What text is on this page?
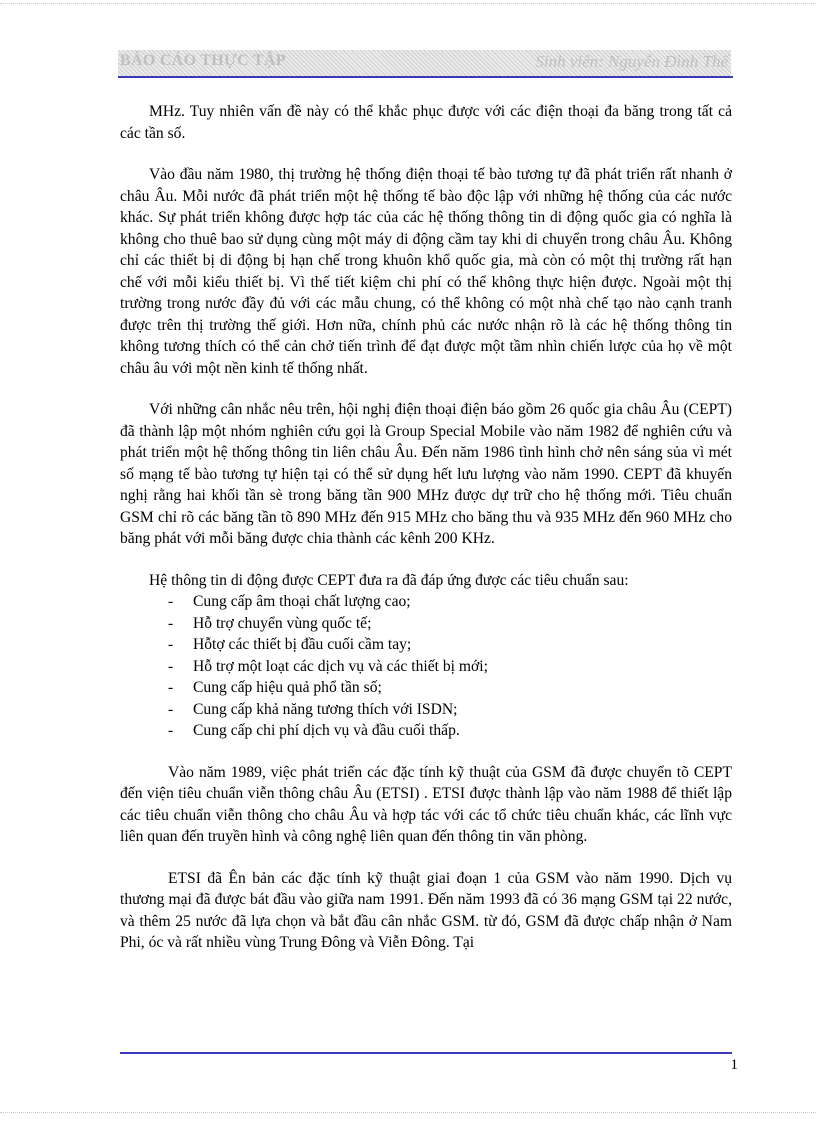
BÁO CÁO THỰC TẬP	Sinh viên: Nguyễn Đình Thế

MHz. Tuy nhiên vấn đề này có thể khắc phục được với các điện thoại đa băng trong tất cả các tần số.

Vào đầu năm 1980, thị trường hệ thống điện thoại tế bào tương tự đã phát triển rất nhanh ở châu Âu. Mỗi nước đã phát triển một hệ thống tế bào độc lập với những hệ thống của các nước khác. Sự phát triển không được hợp tác của các hệ thống thông tin di động quốc gia có nghĩa là không cho thuê bao sử dụng cùng một máy di động cầm tay khi di chuyển trong châu Âu. Không chỉ các thiết bị di động bị hạn chế trong khuôn khổ quốc gia, mà còn có một thị trường rất hạn chế với mỗi kiểu thiết bị. Vì thế tiết kiệm chi phí có thể không thực hiện được. Ngoài một thị trường trong nước đầy đủ với các mẫu chung, có thể không có một nhà chế tạo nào cạnh tranh được trên thị trường thế giới. Hơn nữa, chính phủ các nước nhận rõ là các hệ thống thông tin không tương thích có thể cản chở tiến trình để đạt được một tầm nhìn chiến lược của họ về một châu âu với một nền kinh tế thống nhất.

Với những cân nhắc nêu trên, hội nghị điện thoại điện báo gồm 26 quốc gia châu Âu (CEPT) đã thành lập một nhóm nghiên cứu gọi là Group Special Mobile vào năm 1982 để nghiên cứu và phát triển một hệ thống thông tin liên châu Âu. Đến năm 1986 tình hình chở nên sáng sủa vì mét số mạng tế bào tương tự hiện tại có thể sử dụng hết lưu lượng vào năm 1990. CEPT đã khuyến nghị rằng hai khối tần sè trong băng tần 900 MHz được dự trữ cho hệ thống mới. Tiêu chuẩn GSM chỉ rõ các băng tần tõ 890 MHz đến 915 MHz cho băng thu và 935 MHz đến 960 MHz cho băng phát với mỗi băng được chia thành các kênh 200 KHz.

Hệ thông tin di động được CEPT đưa ra đã đáp ứng được các tiêu chuẩn sau:

- Cung cấp âm thoại chất lượng cao;
- Hỗ trợ chuyển vùng quốc tế;
- Hỗtợ các thiết bị đầu cuối cầm tay;
- Hỗ trợ một loạt các dịch vụ và các thiết bị mới;
- Cung cấp hiệu quả phổ tần số;
- Cung cấp khả năng tương thích với ISDN;
- Cung cấp chi phí dịch vụ và đầu cuối thấp.

Vào năm 1989, việc phát triển các đặc tính kỹ thuật của GSM đã được chuyển tõ CEPT đến viện tiêu chuẩn viễn thông châu Âu (ETSI) . ETSI được thành lập vào năm 1988 để thiết lập các tiêu chuẩn viễn thông cho châu Âu và hợp tác với các tổ chức tiêu chuẩn khác, các lĩnh vực liên quan đến truyền hình và công nghệ liên quan đến thông tin văn phòng.

ETSI đã Ên bản các đặc tính kỹ thuật giai đoạn 1 của GSM vào năm 1990. Dịch vụ thương mại đã được bát đầu vào giữa nam 1991. Đến năm 1993 đã có 36 mạng GSM tại 22 nước, và thêm 25 nước đã lựa chọn và bắt đầu cân nhắc GSM. từ đó, GSM đã được chấp nhận ở Nam Phi, óc và rất nhiều vùng Trung Đông và Viễn Đông. Tại

1
